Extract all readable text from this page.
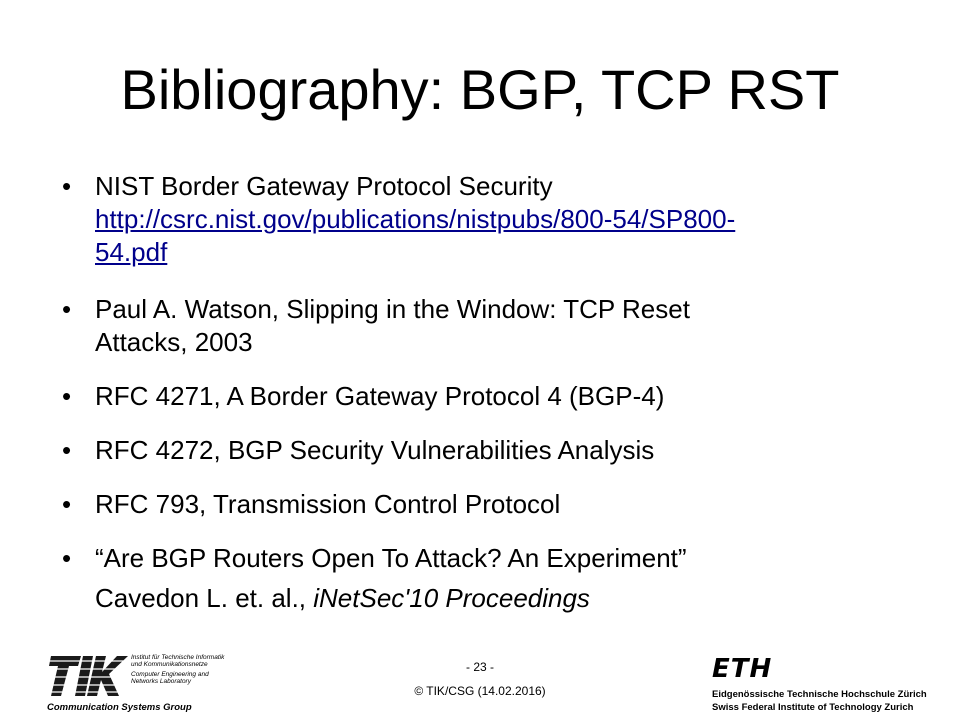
Bibliography: BGP, TCP RST
• NIST Border Gateway Protocol Security
http://csrc.nist.gov/publications/nistpubs/800-54/SP800-
54.pdf
• Paul A. Watson, Slipping in the Window: TCP Reset
Attacks, 2003
• RFC 4271, A Border Gateway Protocol 4 (BGP-4)
• RFC 4272, BGP Security Vulnerabilities Analysis
• RFC 793, Transmission Control Protocol
• “Are BGP Routers Open To Attack? An Experiment”
Cavedon L. et. al., iNetSec'10 Proceedings
Institut für Technische Informatik
und Kommunikationsnetze
Computer Engineering and
Networks Laboratory
Communication Systems Group
- 23 -
© TIK/CSG (14.02.2016)
ETH
Eidgenössische Technische Hochschule Zürich
Swiss Federal Institute of Technology Zurich
